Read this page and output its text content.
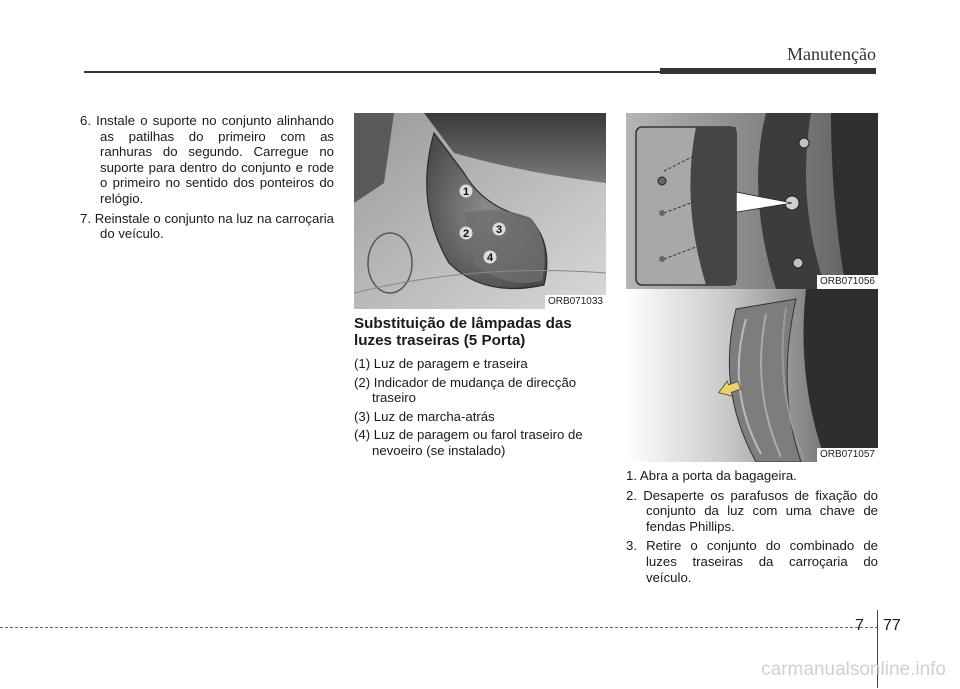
Manutenção

6. Instale o suporte no conjunto alinhando as patilhas do primeiro com as ranhuras do segundo. Carregue no suporte para dentro do conjunto e rode o primeiro no sentido dos ponteiros do relógio.

7. Reinstale o conjunto na luz na carroçaria do veículo.

1
2 3
4
ORB071033
Substituição de lâmpadas das luzes traseiras (5 Porta)

(1) Luz de paragem e traseira

(2) Indicador de mudança de direcção traseiro

(3) Luz de marcha-atrás

(4) Luz de paragem ou farol traseiro de nevoeiro (se instalado)

ORB071056
ORB071057

1. Abra a porta da bagageira.

2. Desaperte os parafusos de fixação do conjunto da luz com uma chave de fendas Phillips.

3. Retire o conjunto do combinado de luzes traseiras da carroçaria do veículo.

7 77
carmanualsonline.info
